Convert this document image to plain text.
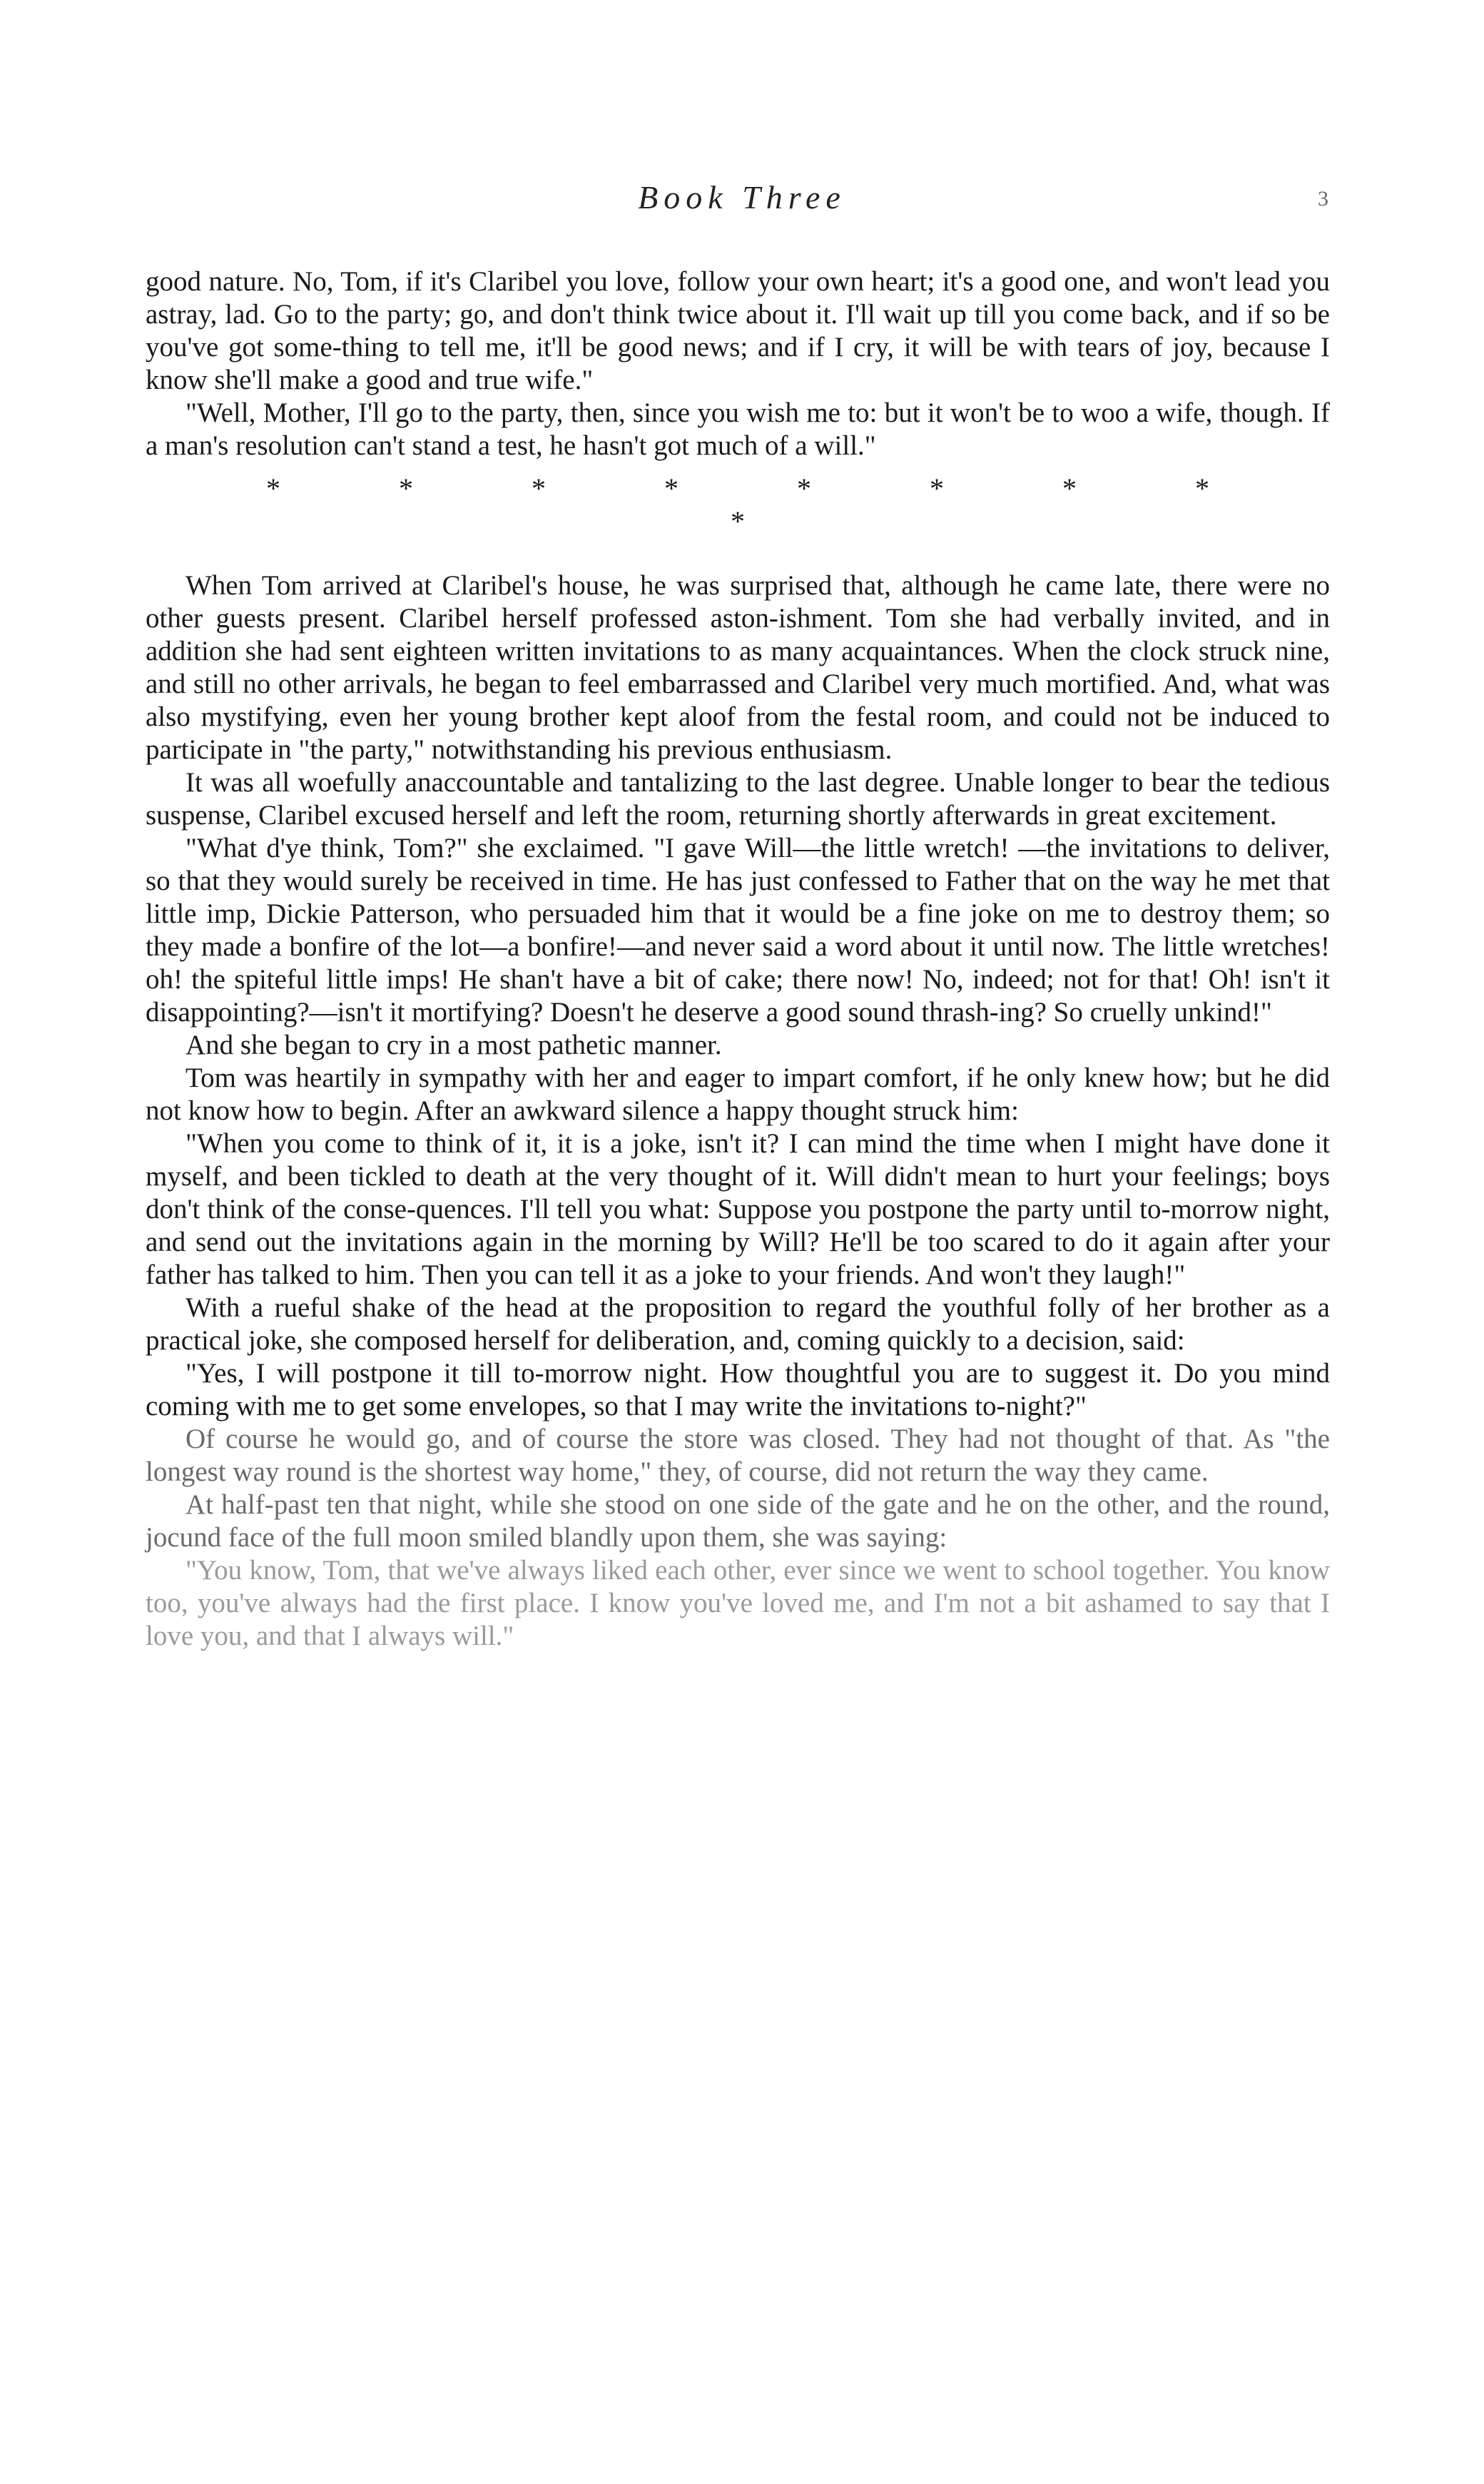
Book Three	3

good nature. No, Tom, if it's Claribel you love, follow your own heart; it's a good one, and won't lead you astray, lad. Go to the party; go, and don't think twice about it. I'll wait up till you come back, and if so be you've got some-thing to tell me, it'll be good news; and if I cry, it will be with tears of joy, because I know she'll make a good and true wife."

"Well, Mother, I'll go to the party, then, since you wish me to: but it won't be to woo a wife, though. If a man's resolution can't stand a test, he hasn't got much of a will."

* * * * * * * * *

When Tom arrived at Claribel's house, he was surprised that, although he came late, there were no other guests present. Claribel herself professed aston-ishment. Tom she had verbally invited, and in addition she had sent eighteen written invitations to as many acquaintances. When the clock struck nine, and still no other arrivals, he began to feel embarrassed and Claribel very much mortified. And, what was also mystifying, even her young brother kept aloof from the festal room, and could not be induced to participate in "the party," notwithstanding his previous enthusiasm.

It was all woefully anaccountable and tantalizing to the last degree. Unable longer to bear the tedious suspense, Claribel excused herself and left the room, returning shortly afterwards in great excitement.

"What d'ye think, Tom?" she exclaimed. "I gave Will—the little wretch! —the invitations to deliver, so that they would surely be received in time. He has just confessed to Father that on the way he met that little imp, Dickie Patterson, who persuaded him that it would be a fine joke on me to destroy them; so they made a bonfire of the lot—a bonfire!—and never said a word about it until now. The little wretches! oh! the spiteful little imps! He shan't have a bit of cake; there now! No, indeed; not for that! Oh! isn't it disappointing?—isn't it mortifying? Doesn't he deserve a good sound thrash-ing? So cruelly unkind!"

And she began to cry in a most pathetic manner.

Tom was heartily in sympathy with her and eager to impart comfort, if he only knew how; but he did not know how to begin. After an awkward silence a happy thought struck him:

"When you come to think of it, it is a joke, isn't it? I can mind the time when I might have done it myself, and been tickled to death at the very thought of it. Will didn't mean to hurt your feelings; boys don't think of the conse-quences. I'll tell you what: Suppose you postpone the party until to-morrow night, and send out the invitations again in the morning by Will? He'll be too scared to do it again after your father has talked to him. Then you can tell it as a joke to your friends. And won't they laugh!"

With a rueful shake of the head at the proposition to regard the youthful folly of her brother as a practical joke, she composed herself for deliberation, and, coming quickly to a decision, said:

"Yes, I will postpone it till to-morrow night. How thoughtful you are to suggest it. Do you mind coming with me to get some envelopes, so that I may write the invitations to-night?"

Of course he would go, and of course the store was closed. They had not thought of that. As "the longest way round is the shortest way home," they, of course, did not return the way they came.

At half-past ten that night, while she stood on one side of the gate and he on the other, and the round, jocund face of the full moon smiled blandly upon them, she was saying:

"You know, Tom, that we've always liked each other, ever since we went to school together. You know too, you've always had the first place. I know you've loved me, and I'm not a bit ashamed to say that I love you, and that I always will."
